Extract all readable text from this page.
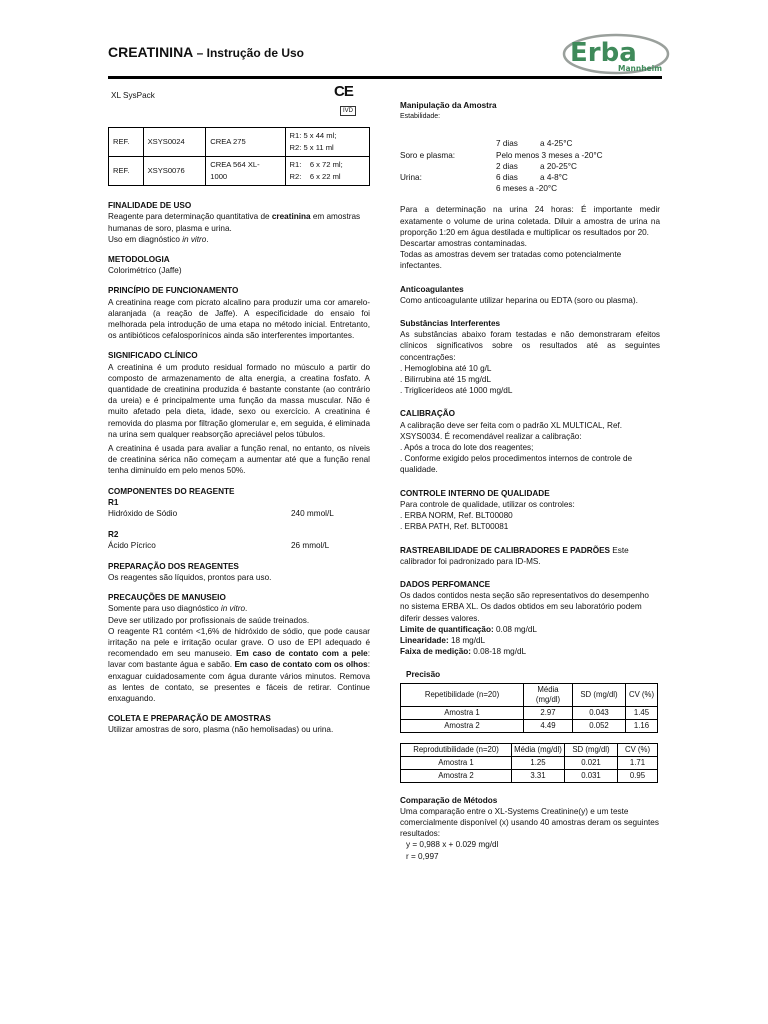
CREATININA – Instrução de Uso	Erba
Mannheim
XL SysPack	CE
IVD
REF.	XSYS0024	CREA 275	R1: 5 x 44 ml;
R2: 5 x 11 ml
REF.	XSYS0076	CREA 564 XL-
1000	R1: 6 x 72 ml;
R2: 6 x 22 ml
FINALIDADE DE USO

Reagente para determinação quantitativa de creatinina em amostras humanas de soro, plasma e urina.
Uso em diagnóstico in vitro.

METODOLOGIA

Colorimétrico (Jaffe)

PRINCÍPIO DE FUNCIONAMENTO

A creatinina reage com picrato alcalino para produzir uma cor amarelo-alaranjada (a reação de Jaffe). A especificidade do ensaio foi melhorada pela introdução de uma etapa no método inicial. Entretanto, os antibióticos cefalosporínicos ainda são interferentes importantes.

SIGNIFICADO CLÍNICO

A creatinina é um produto residual formado no músculo a partir do composto de armazenamento de alta energia, a creatina fosfato. A quantidade de creatinina produzida é bastante constante (ao contrário da ureia) e é principalmente uma função da massa muscular. Não é muito afetado pela dieta, idade, sexo ou exercício. A creatinina é removida do plasma por filtração glomerular e, em seguida, é eliminada na urina sem qualquer reabsorção apreciável pelos túbulos.

A creatinina é usada para avaliar a função renal, no entanto, os níveis de creatinina sérica não começam a aumentar até que a função renal tenha diminuído em pelo menos 50%.

COMPONENTES DO REAGENTE
R1
Hidróxido de Sódio	240 mmol/L
R2
Ácido Pícrico	26 mmol/L
PREPARAÇÃO DOS REAGENTES

Os reagentes são líquidos, prontos para uso.

PRECAUÇÕES DE MANUSEIO

Somente para uso diagnóstico in vitro.

Deve ser utilizado por profissionais de saúde treinados.

O reagente R1 contém <1,6% de hidróxido de sódio, que pode causar irritação na pele e irritação ocular grave. O uso de EPI adequado é recomendado em seu manuseio. Em caso de contato com a pele: lavar com bastante água e sabão. Em caso de contato com os olhos: enxaguar cuidadosamente com água durante vários minutos. Remova as lentes de contato, se presentes e fáceis de retirar. Continue enxaguando.

COLETA E PREPARAÇÃO DE AMOSTRAS

Utilizar amostras de soro, plasma (não hemolisadas) ou urina.

Manipulação da Amostra
Estabilidade:
7 dias	a 4-25°C
Soro e plasma:	Pelo menos 3 meses a -20°C
2 dias	a 20-25°C
Urina:	6 dias	a 4-8°C
6 meses a -20°C

Para a determinação na urina 24 horas: É importante medir exatamente o volume de urina coletada. Diluir a amostra de urina na proporção 1:20 em água destilada e multiplicar os resultados por 20.

Descartar amostras contaminadas.

Todas as amostras devem ser tratadas como potencialmente infectantes.

Anticoagulantes

Como anticoagulante utilizar heparina ou EDTA (soro ou plasma).

Substâncias Interferentes

As substâncias abaixo foram testadas e não demonstraram efeitos clínicos significativos sobre os resultados até as seguintes concentrações:

. Hemoglobina até 10 g/L
. Bilirrubina até 15 mg/dL
. Triglicerídeos até 1000 mg/dL
CALIBRAÇÃO

A calibração deve ser feita com o padrão XL MULTICAL, Ref. XSYS0034. É recomendável realizar a calibração:

. Após a troca do lote dos reagentes;
. Conforme exigido pelos procedimentos internos de controle de qualidade.
CONTROLE INTERNO DE QUALIDADE

Para controle de qualidade, utilizar os controles:

. ERBA NORM, Ref. BLT00080
. ERBA PATH, Ref. BLT00081

RASTREABILIDADE DE CALIBRADORES E PADRÕES Este calibrador foi padronizado para ID-MS.

DADOS PERFOMANCE

Os dados contidos nesta seção são representativos do desempenho no sistema ERBA XL. Os dados obtidos em seu laboratório podem diferir desses valores.

Limite de quantificação: 0.08 mg/dL

Linearidade: 18 mg/dL

Faixa de medição: 0.08-18 mg/dL

Precisão
Repetibilidade (n=20)	Média (mg/dl)	SD (mg/dl)	CV (%)
Amostra 1	2.97	0.043	1.45
Amostra 2	4.49	0.052	1.16
Reprodutibilidade (n=20)	Média (mg/dl)	SD (mg/dl)	CV (%)
Amostra 1	1.25	0.021	1.71
Amostra 2	3.31	0.031	0.95
Comparação de Métodos

Uma comparação entre o XL-Systems Creatinine(y) e um teste comercialmente disponível (x) usando 40 amostras deram os seguintes resultados:

y = 0,988 x + 0.029 mg/dl
r = 0,997
